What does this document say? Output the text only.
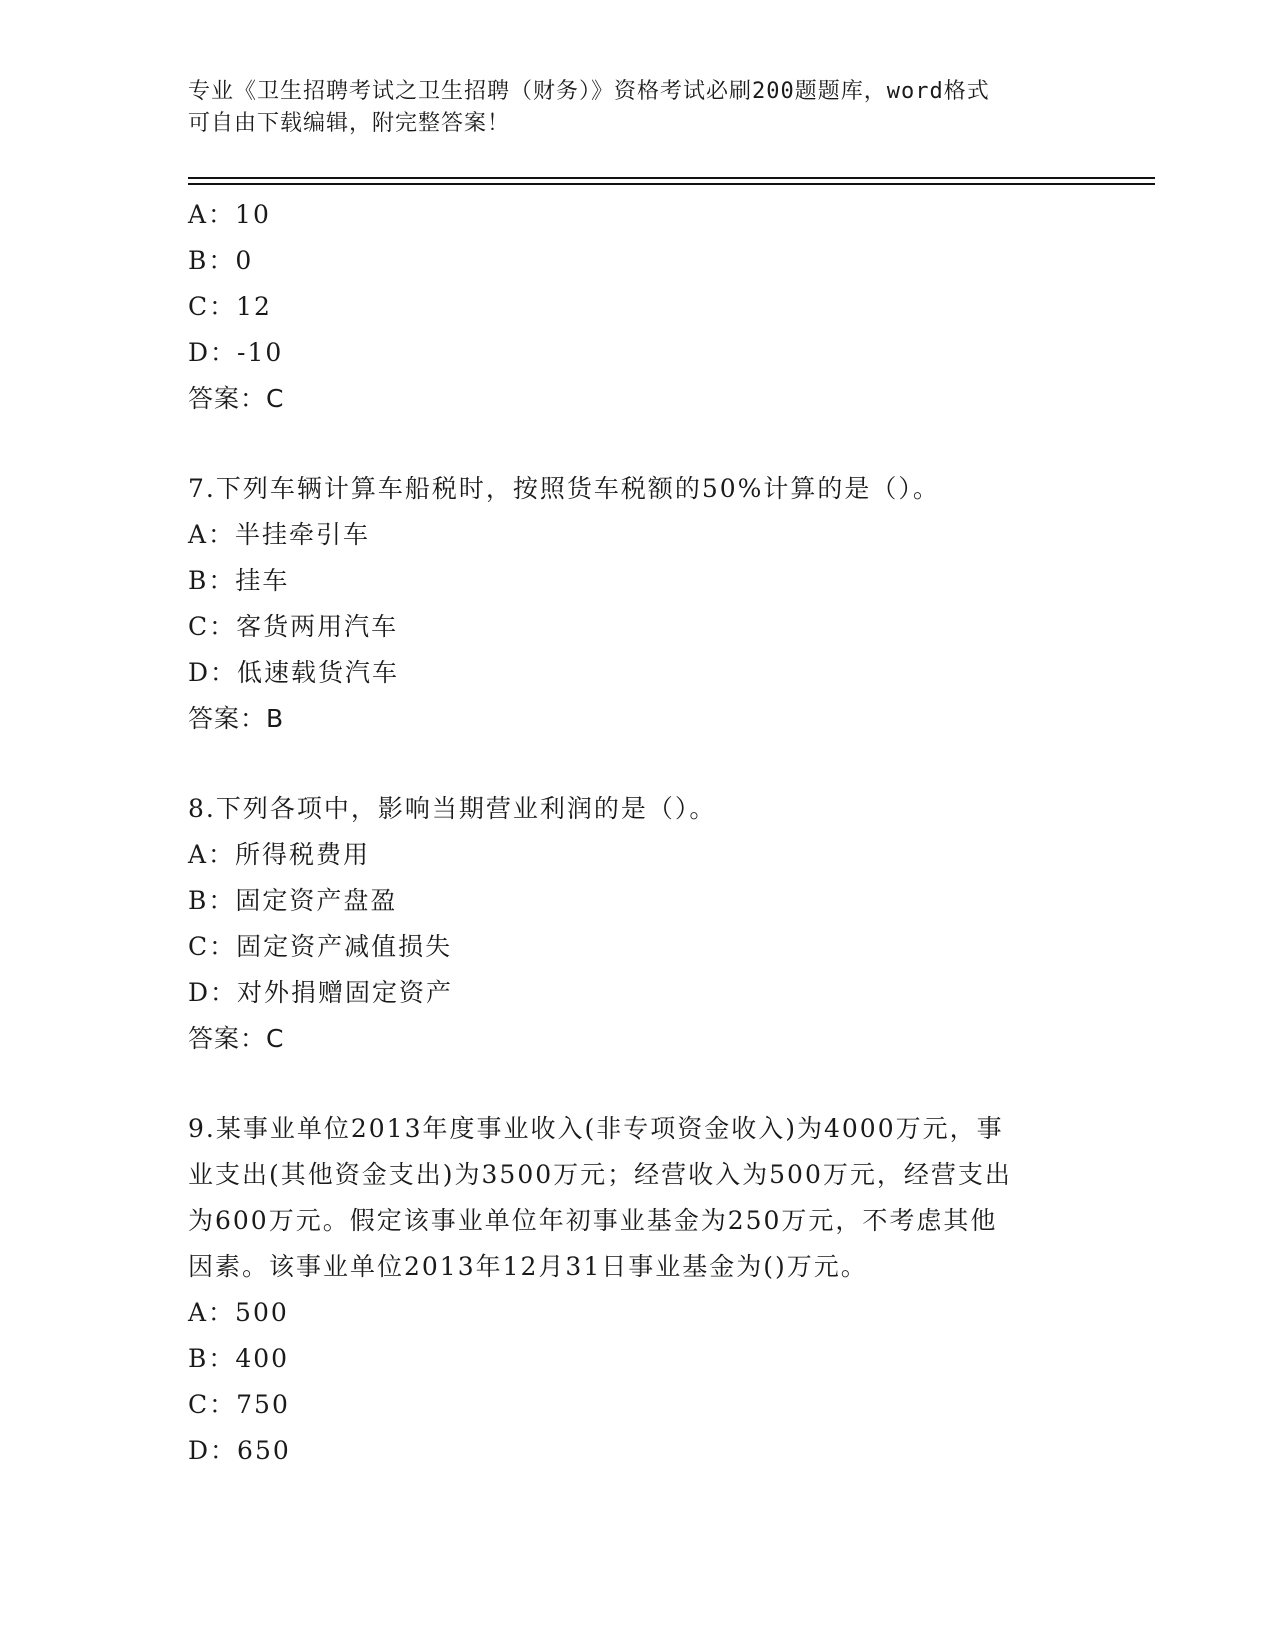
专业《卫生招聘考试之卫生招聘（财务）》资格考试必刷200题题库，word格式

可自由下载编辑，附完整答案！

A：10
B：0
C：12
D：-10
答案：C
7.下列车辆计算车船税时，按照货车税额的50%计算的是（）。
A：半挂牵引车
B：挂车
C：客货两用汽车
D：低速载货汽车
答案：B
8.下列各项中，影响当期营业利润的是（）。
A：所得税费用
B：固定资产盘盈
C：固定资产减值损失
D：对外捐赠固定资产
答案：C
9.某事业单位2013年度事业收入(非专项资金收入)为4000万元，事
业支出(其他资金支出)为3500万元；经营收入为500万元，经营支出
为600万元。假定该事业单位年初事业基金为250万元，不考虑其他
因素。该事业单位2013年12月31日事业基金为()万元。
A：500
B：400
C：750
D：650
